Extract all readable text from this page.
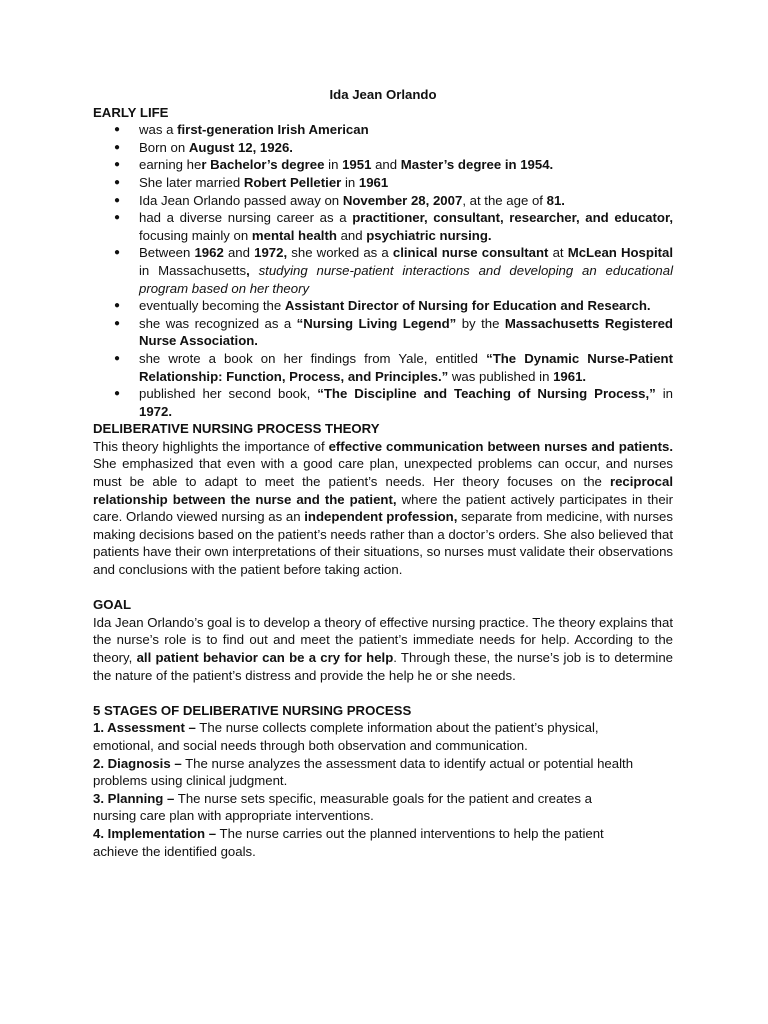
Ida Jean Orlando
EARLY LIFE
● was a first-generation Irish American
● Born on August 12, 1926.
● earning her Bachelor’s degree in 1951 and Master’s degree in 1954.
● She later married Robert Pelletier in 1961
● Ida Jean Orlando passed away on November 28, 2007, at the age of 81.
● had a diverse nursing career as a practitioner, consultant, researcher, and educator, focusing mainly on mental health and psychiatric nursing.
● Between 1962 and 1972, she worked as a clinical nurse consultant at McLean Hospital in Massachusetts, studying nurse-patient interactions and developing an educational program based on her theory
● eventually becoming the Assistant Director of Nursing for Education and Research.
● she was recognized as a “Nursing Living Legend” by the Massachusetts Registered Nurse Association.
● she wrote a book on her findings from Yale, entitled “The Dynamic Nurse-Patient Relationship: Function, Process, and Principles.” was published in 1961.
● published her second book, “The Discipline and Teaching of Nursing Process,” in 1972.
DELIBERATIVE NURSING PROCESS THEORY

This theory highlights the importance of effective communication between nurses and patients. She emphasized that even with a good care plan, unexpected problems can occur, and nurses must be able to adapt to meet the patient’s needs. Her theory focuses on the reciprocal relationship between the nurse and the patient, where the patient actively participates in their care. Orlando viewed nursing as an independent profession, separate from medicine, with nurses making decisions based on the patient’s needs rather than a doctor’s orders. She also believed that patients have their own interpretations of their situations, so nurses must validate their observations and conclusions with the patient before taking action.

GOAL

Ida Jean Orlando’s goal is to develop a theory of effective nursing practice. The theory explains that the nurse’s role is to find out and meet the patient’s immediate needs for help. According to the theory, all patient behavior can be a cry for help. Through these, the nurse’s job is to determine the nature of the patient’s distress and provide the help he or she needs.

5 STAGES OF DELIBERATIVE NURSING PROCESS

1. Assessment – The nurse collects complete information about the patient’s physical, emotional, and social needs through both observation and communication.

2. Diagnosis – The nurse analyzes the assessment data to identify actual or potential health problems using clinical judgment.

3. Planning – The nurse sets specific, measurable goals for the patient and creates a nursing care plan with appropriate interventions.

4. Implementation – The nurse carries out the planned interventions to help the patient achieve the identified goals.
